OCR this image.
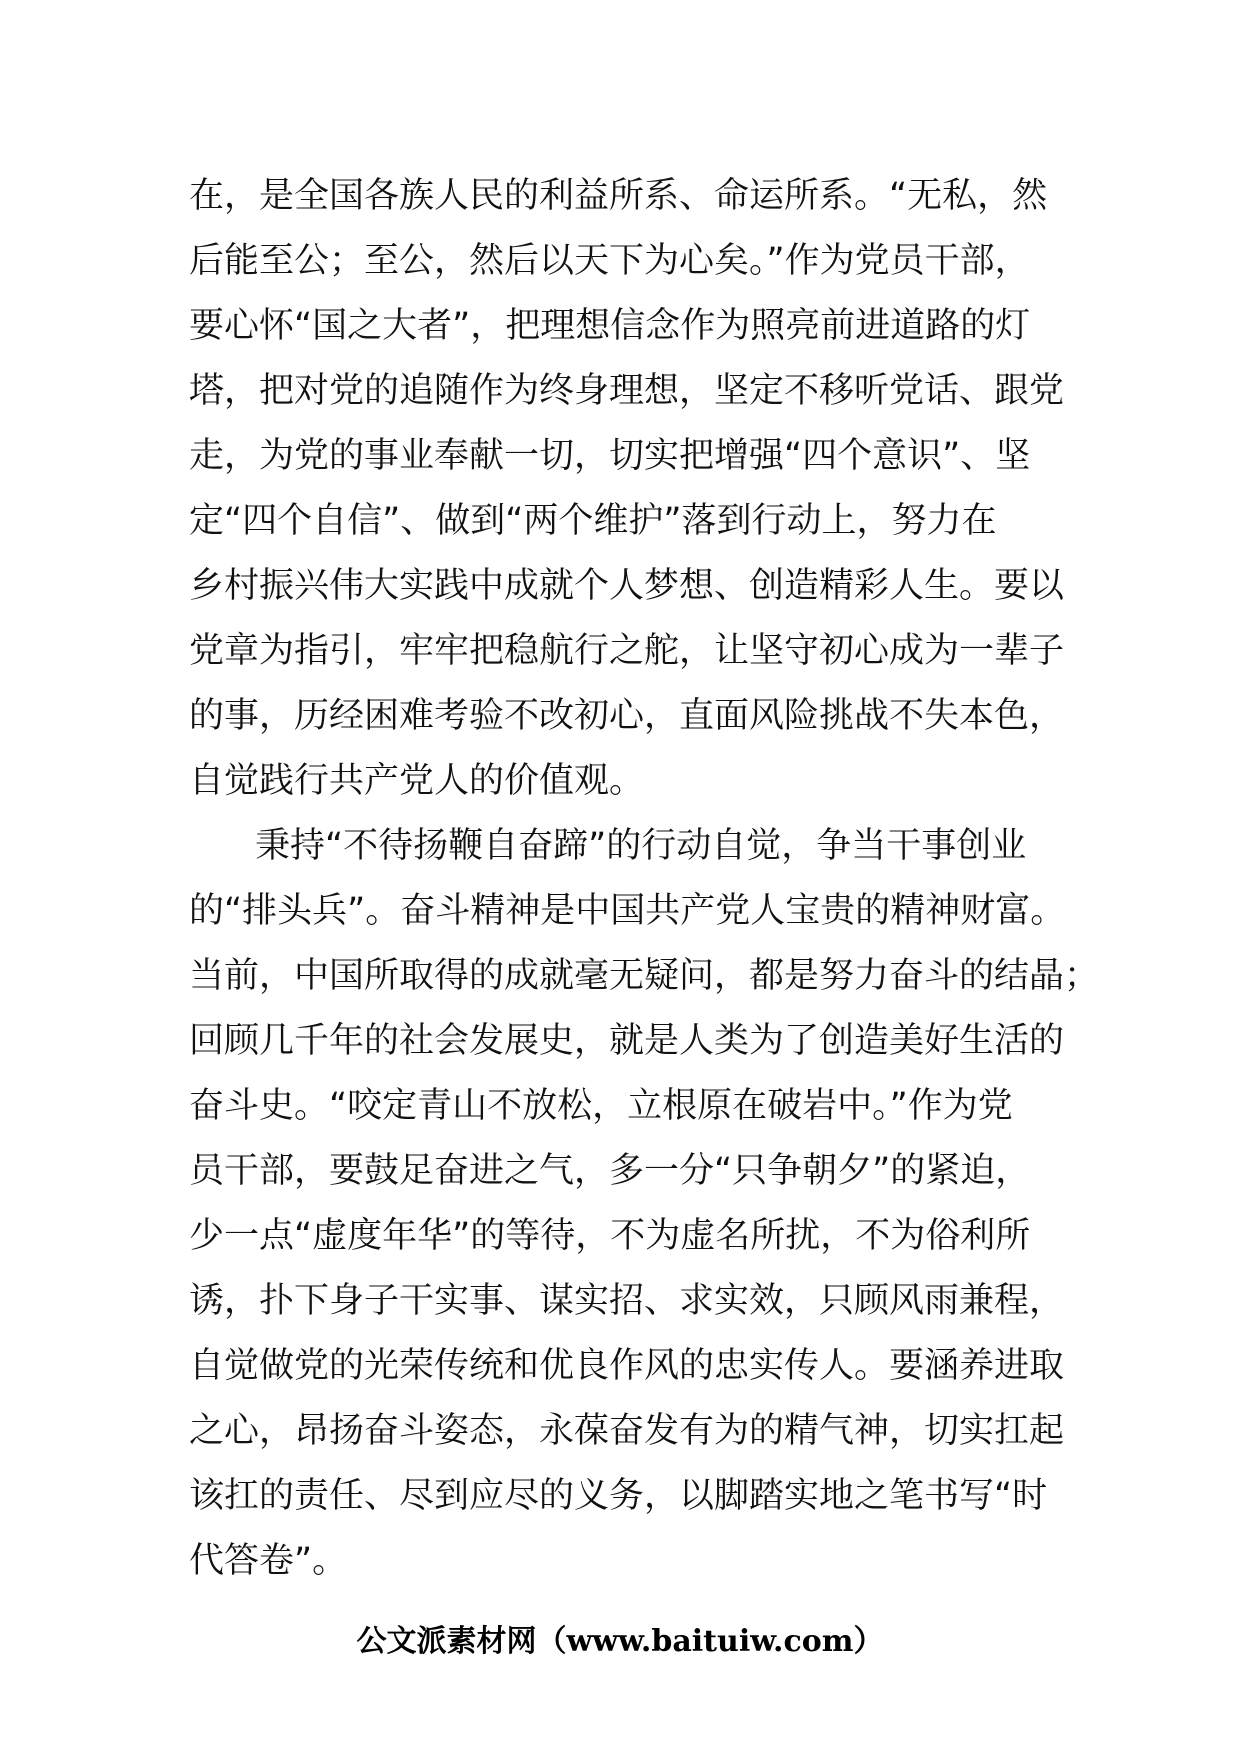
在，是全国各族人民的利益所系、命运所系。“无私，然
后能至公；至公，然后以天下为心矣。”作为党员干部，
要心怀“国之大者”，把理想信念作为照亮前进道路的灯
塔，把对党的追随作为终身理想，坚定不移听党话、跟党
走，为党的事业奉献一切，切实把增强“四个意识”、坚
定“四个自信”、做到“两个维护”落到行动上，努力在
乡村振兴伟大实践中成就个人梦想、创造精彩人生。要以
党章为指引，牢牢把稳航行之舵，让坚守初心成为一辈子
的事，历经困难考验不改初心，直面风险挑战不失本色，
自觉践行共产党人的价值观。
秉持“不待扬鞭自奋蹄”的行动自觉，争当干事创业
的“排头兵”。奋斗精神是中国共产党人宝贵的精神财富。
当前，中国所取得的成就毫无疑问，都是努力奋斗的结晶；
回顾几千年的社会发展史，就是人类为了创造美好生活的
奋斗史。“咬定青山不放松，立根原在破岩中。”作为党
员干部，要鼓足奋进之气，多一分“只争朝夕”的紧迫，
少一点“虚度年华”的等待，不为虚名所扰，不为俗利所
诱，扑下身子干实事、谋实招、求实效，只顾风雨兼程，
自觉做党的光荣传统和优良作风的忠实传人。要涵养进取
之心，昂扬奋斗姿态，永葆奋发有为的精气神，切实扛起
该扛的责任、尽到应尽的义务，以脚踏实地之笔书写“时
代答卷”。
公文派素材网（www.baituiw.com）
